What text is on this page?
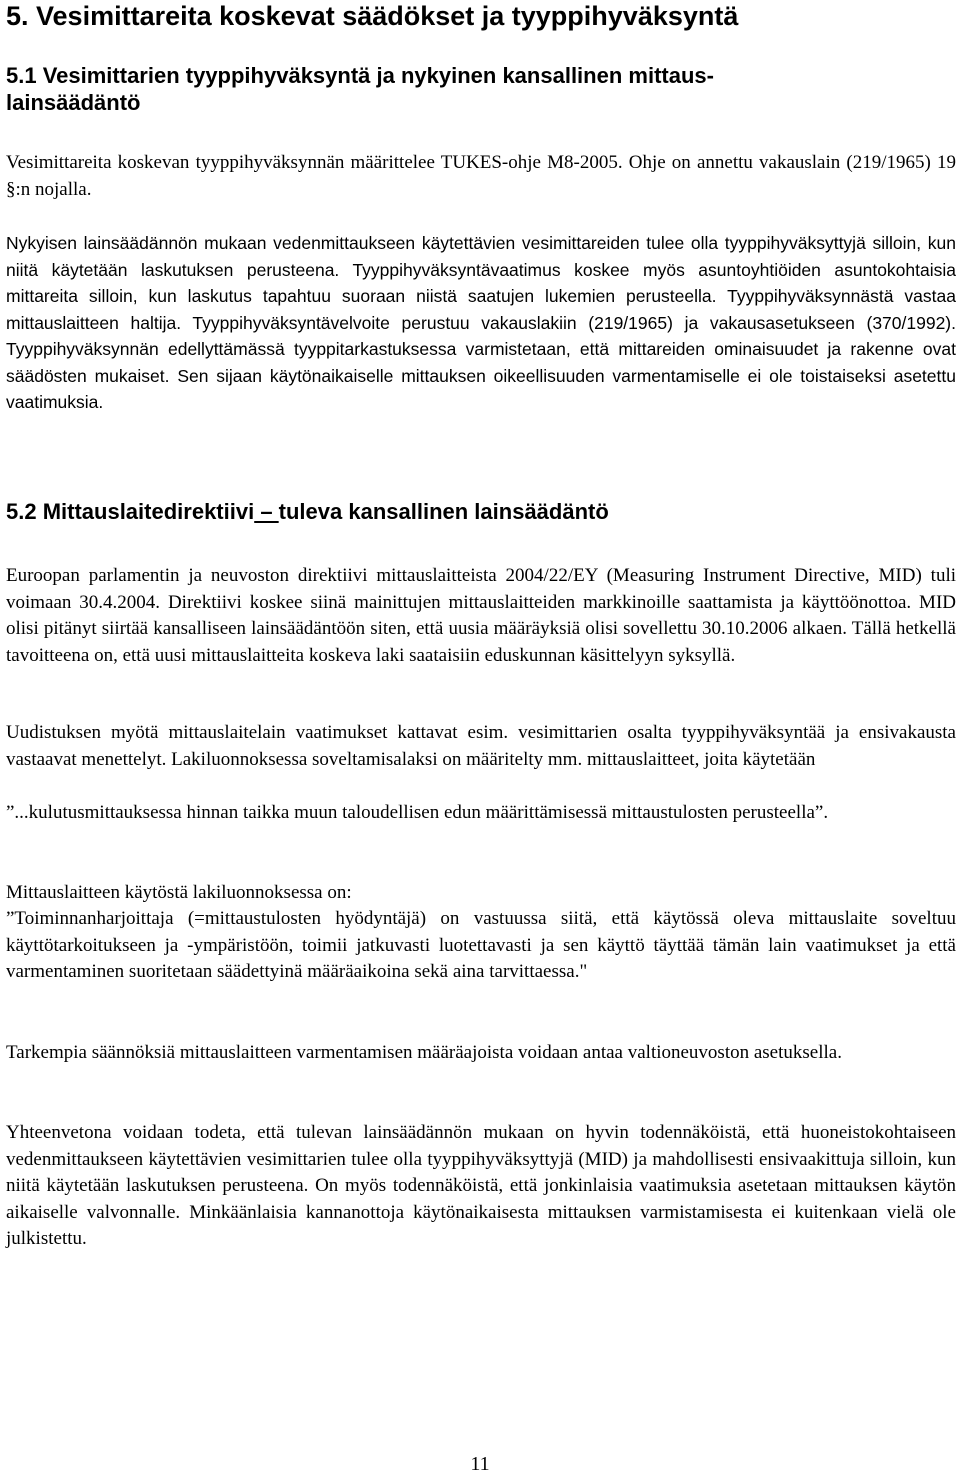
5. Vesimittareita koskevat säädökset ja tyyppihyväksyntä
5.1 Vesimittarien tyyppihyväksyntä ja nykyinen kansallinen mittaus-lainsäädäntö
Vesimittareita koskevan tyyppihyväksynnän määrittelee TUKES-ohje M8-2005. Ohje on annettu vakauslain (219/1965) 19 §:n nojalla.
Nykyisen lainsäädännön mukaan vedenmittaukseen käytettävien vesimittareiden tulee olla tyyppihyväksyttyjä silloin, kun niitä käytetään laskutuksen perusteena. Tyyppihyväksyntävaatimus koskee myös asuntoyhtiöiden asuntokohtaisia mittareita silloin, kun laskutus tapahtuu suoraan niistä saatujen lukemien perusteella. Tyyppihyväksynnästä vastaa mittauslaitteen haltija. Tyyppihyväksyntävelvoite perustuu vakauslakiin (219/1965) ja vakausasetukseen (370/1992). Tyyppihyväksynnän edellyttämässä tyyppitarkastuksessa varmistetaan, että mittareiden ominaisuudet ja rakenne ovat säädösten mukaiset. Sen sijaan käytönaikaiselle mittauksen oikeellisuuden varmentamiselle ei ole toistaiseksi asetettu vaatimuksia.
5.2 Mittauslaitedirektiivi – tuleva kansallinen lainsäädäntö
Euroopan parlamentin ja neuvoston direktiivi mittauslaitteista 2004/22/EY (Measuring Instrument Directive, MID) tuli voimaan 30.4.2004. Direktiivi koskee siinä mainittujen mittauslaitteiden markkinoille saattamista ja käyttöönottoa. MID olisi pitänyt siirtää kansalliseen lainsäädäntöön siten, että uusia määräyksiä olisi sovellettu 30.10.2006 alkaen. Tällä hetkellä tavoitteena on, että uusi mittauslaitteita koskeva laki saataisiin eduskunnan käsittelyyn syksyllä.
Uudistuksen myötä mittauslaitelain vaatimukset kattavat esim. vesimittarien osalta tyyppihyväksyntää ja ensivakausta vastaavat menettelyt. Lakiluonnoksessa soveltamisalaksi on määritelty mm. mittauslaitteet, joita käytetään
”...kulutusmittauksessa hinnan taikka muun taloudellisen edun määrittämisessä mittaustulosten perusteella”.
Mittauslaitteen käytöstä lakiluonnoksessa on:
”Toiminnanharjoittaja (=mittaustulosten hyödyntäjä) on vastuussa siitä, että käytössä oleva mittauslaite soveltuu käyttötarkoitukseen ja -ympäristöön, toimii jatkuvasti luotettavasti ja sen käyttö täyttää tämän lain vaatimukset ja että varmentaminen suoritetaan säädettyinä määräaikoina sekä aina tarvittaessa."
Tarkempia säännöksiä mittauslaitteen varmentamisen määräajoista voidaan antaa valtioneuvoston asetuksella.
Yhteenvetona voidaan todeta, että tulevan lainsäädännön mukaan on hyvin todennäköistä, että huoneistokohtaiseen vedenmittaukseen käytettävien vesimittarien tulee olla tyyppihyväksyttyjä (MID) ja mahdollisesti ensivaakittuja silloin, kun niitä käytetään laskutuksen perusteena. On myös todennäköistä, että jonkinlaisia vaatimuksia asetetaan mittauksen käytön aikaiselle valvonnalle. Minkäänlaisia kannanottoja käytönaikaisesta mittauksen varmistamisesta ei kuitenkaan vielä ole julkistettu.
11
